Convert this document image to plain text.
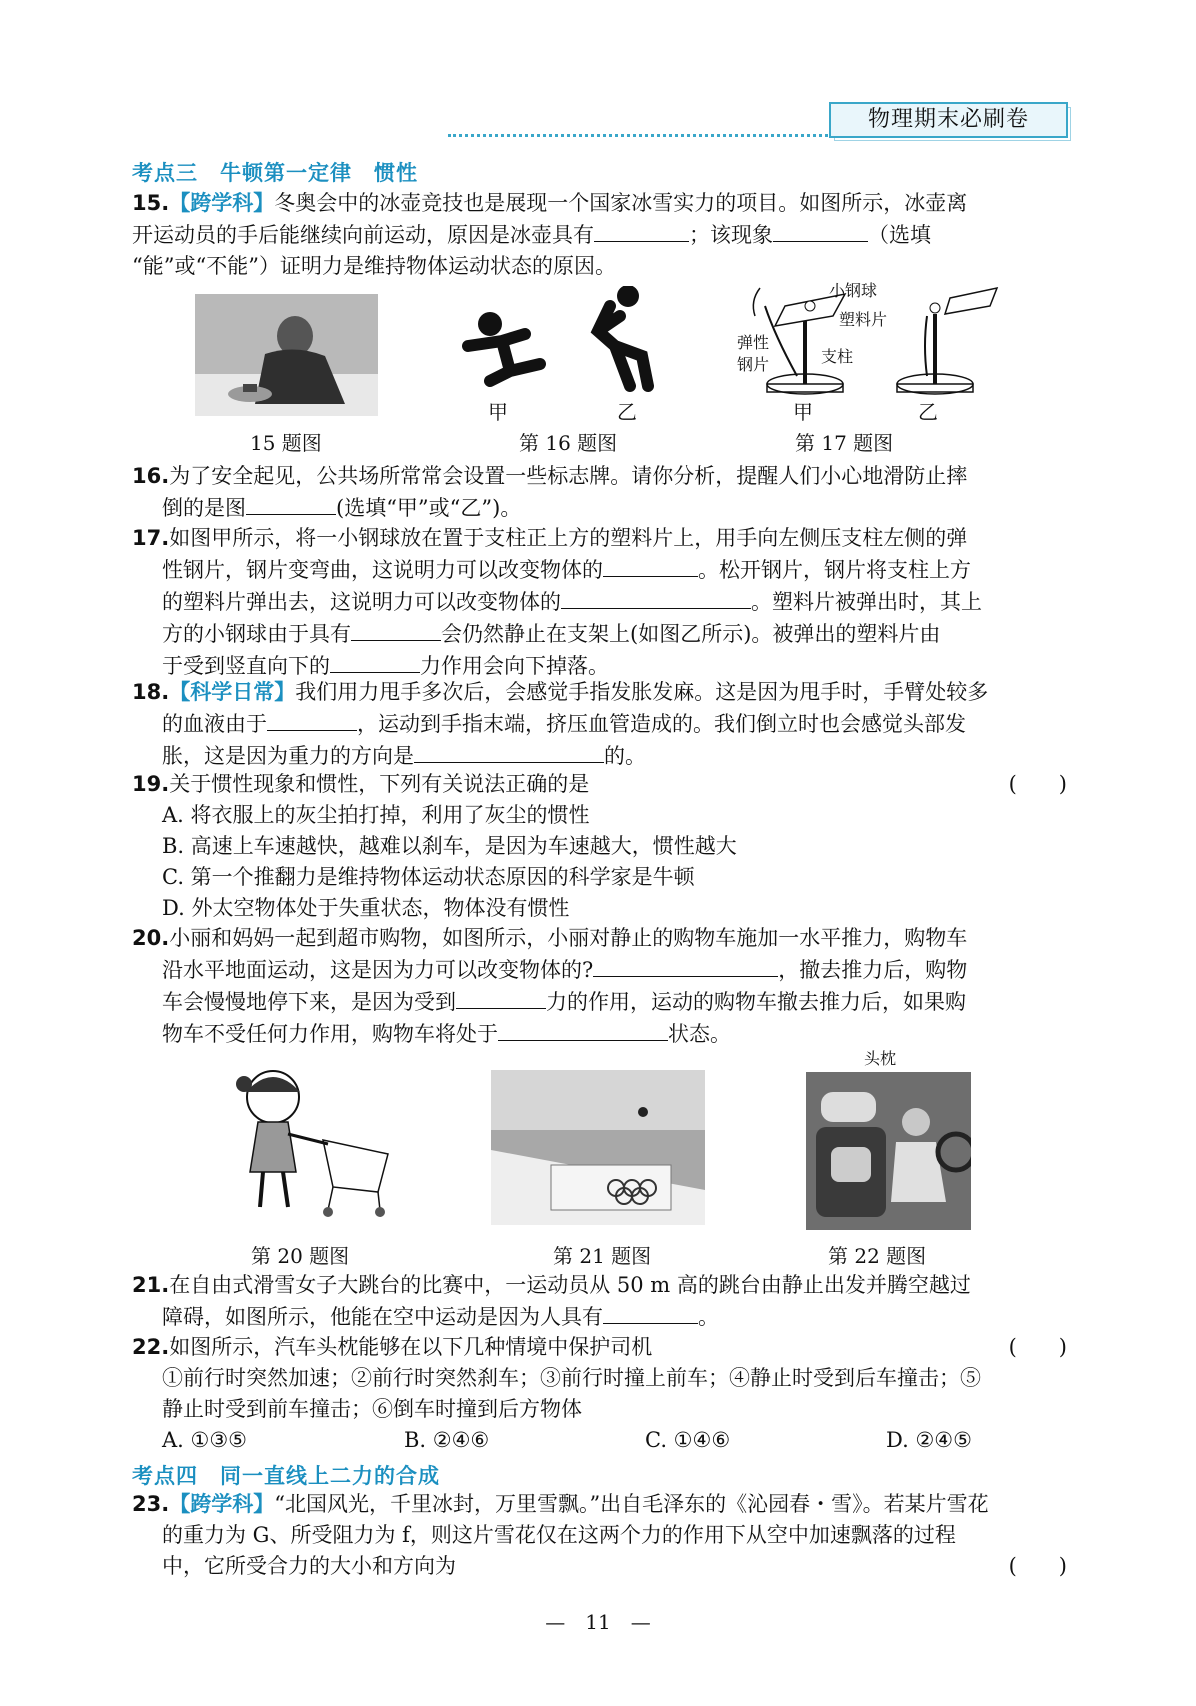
物理期末必刷卷
考点三　牛顿第一定律　惯性
15.【跨学科】冬奥会中的冰壶竞技也是展现一个国家冰雪实力的项目。如图所示，冰壶离
开运动员的手后能继续向前运动，原因是冰壶具有	；该现象	（选填
“能”或“不能”）证明力是维持物体运动状态的原因。
甲	乙
小钢球
塑料片
弹性
钢片	支柱
甲	乙
15 题图	第 16 题图	第 17 题图
16.为了安全起见，公共场所常常会设置一些标志牌。请你分析，提醒人们小心地滑防止摔
倒的是图	(选填“甲”或“乙”)。
17.如图甲所示，将一小钢球放在置于支柱正上方的塑料片上，用手向左侧压支柱左侧的弹
性钢片，钢片变弯曲，这说明力可以改变物体的	。松开钢片，钢片将支柱上方
的塑料片弹出去，这说明力可以改变物体的	。塑料片被弹出时，其上
方的小钢球由于具有	会仍然静止在支架上(如图乙所示)。被弹出的塑料片由
于受到竖直向下的	力作用会向下掉落。
18.【科学日常】我们用力甩手多次后，会感觉手指发胀发麻。这是因为甩手时，手臂处较多
的血液由于	，运动到手指末端，挤压血管造成的。我们倒立时也会感觉头部发
胀，这是因为重力的方向是	的。
19.关于惯性现象和惯性，下列有关说法正确的是	(　　)
A. 将衣服上的灰尘拍打掉，利用了灰尘的惯性
B. 高速上车速越快，越难以刹车，是因为车速越大，惯性越大
C. 第一个推翻力是维持物体运动状态原因的科学家是牛顿
D. 外太空物体处于失重状态，物体没有惯性
20.小丽和妈妈一起到超市购物，如图所示，小丽对静止的购物车施加一水平推力，购物车
沿水平地面运动，这是因为力可以改变物体的?	，撤去推力后，购物
车会慢慢地停下来，是因为受到	力的作用，运动的购物车撤去推力后，如果购
物车不受任何力作用，购物车将处于	状态。
头枕
第 20 题图	第 21 题图	第 22 题图
21.在自由式滑雪女子大跳台的比赛中，一运动员从 50 m 高的跳台由静止出发并腾空越过
障碍，如图所示，他能在空中运动是因为人具有	。
22.如图所示，汽车头枕能够在以下几种情境中保护司机	(　　)
①前行时突然加速；②前行时突然刹车；③前行时撞上前车；④静止时受到后车撞击；⑤
静止时受到前车撞击；⑥倒车时撞到后方物体
A. ①③⑤	B. ②④⑥	C. ①④⑥	D. ②④⑤
考点四　同一直线上二力的合成
23.【跨学科】“北国风光，千里冰封，万里雪飘。”出自毛泽东的《沁园春・雪》。若某片雪花
的重力为 G、所受阻力为 f，则这片雪花仅在这两个力的作用下从空中加速飘落的过程
中，它所受合力的大小和方向为	(　　)
—　11　—
